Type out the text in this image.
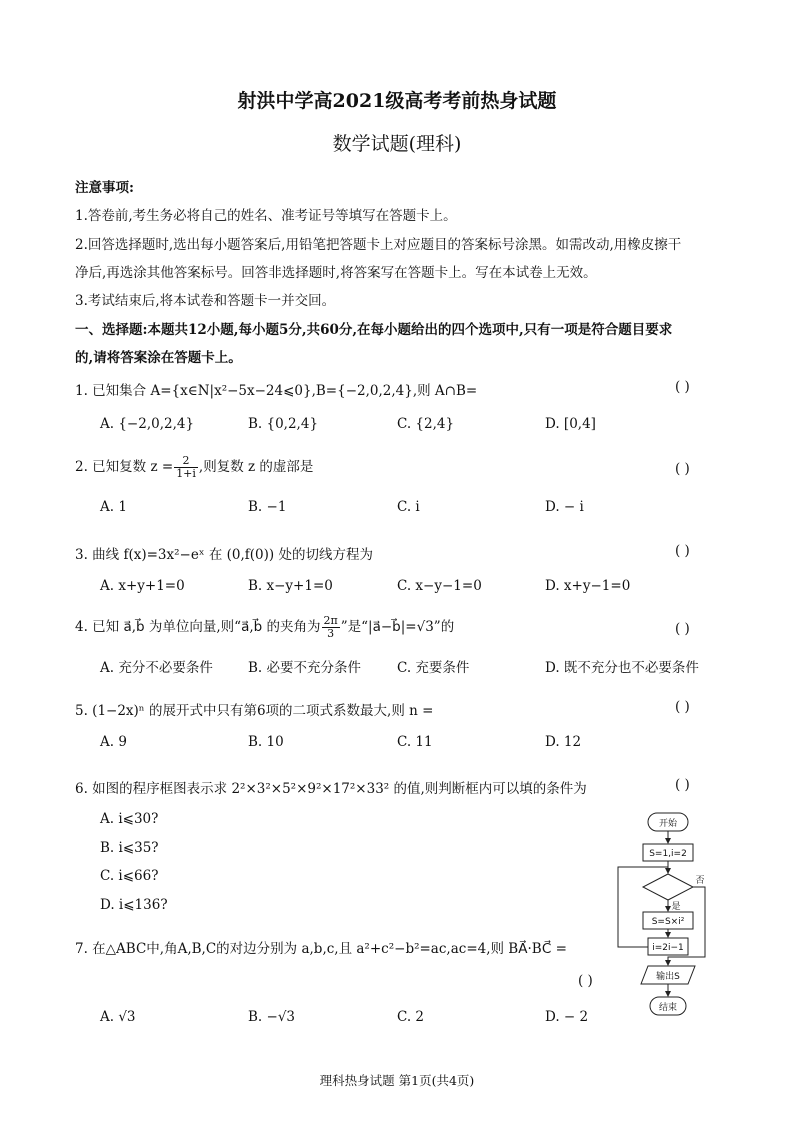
射洪中学高2021级高考考前热身试题
数学试题(理科)
注意事项:
1.答卷前,考生务必将自己的姓名、准考证号等填写在答题卡上。
2.回答选择题时,选出每小题答案后,用铅笔把答题卡上对应题目的答案标号涂黑。如需改动,用橡皮擦干
净后,再选涂其他答案标号。回答非选择题时,将答案写在答题卡上。写在本试卷上无效。
3.考试结束后,将本试卷和答题卡一并交回。
一、选择题:本题共12小题,每小题5分,共60分,在每小题给出的四个选项中,只有一项是符合题目要求
的,请将答案涂在答题卡上。
1. 已知集合 A={x∈N|x²−5x−24⩽0},B={−2,0,2,4},则 A∩B=	( )
A. {−2,0,2,4}	B. {0,2,4}	C. {2,4}	D. [0,4]
2. 已知复数 $z = \frac{2}{1+i}$ ,则复数 z 的虚部是	( )
A. 1	B. −1	C. i	D. − i
3. 曲线 f(x)=3x²−eˣ 在 (0,f(0)) 处的切线方程为	( )
A. x+y+1=0	B. x−y+1=0	C. x−y−1=0	D. x+y−1=0
4. 已知 a⃗,b⃗ 为单位向量,则“a⃗,b⃗ 的夹角为 $\frac{2\pi}{3}$ ”是“|a⃗−b⃗|=√3”的	( )
A. 充分不必要条件	B. 必要不充分条件	C. 充要条件	D. 既不充分也不必要条件
5. (1−2x)ⁿ 的展开式中只有第6项的二项式系数最大,则 n =	( )
A. 9	B. 10	C. 11	D. 12
6. 如图的程序框图表示求 2²×3²×5²×9²×17²×33² 的值,则判断框内可以填的条件为	( )
A. i⩽30?
B. i⩽35?
C. i⩽66?
D. i⩽136?
7. 在△ABC中,角A,B,C的对边分别为 a,b,c,且 a²+c²−b²=ac,ac=4,则 BA⃗·BC⃗ =
( )
A. √3	B. −√3	C. 2	D. − 2
开始
S=1,i=2
是
否
S=S×i²
i=2i−1
输出S
结束
理科热身试题 第1页(共4页)
